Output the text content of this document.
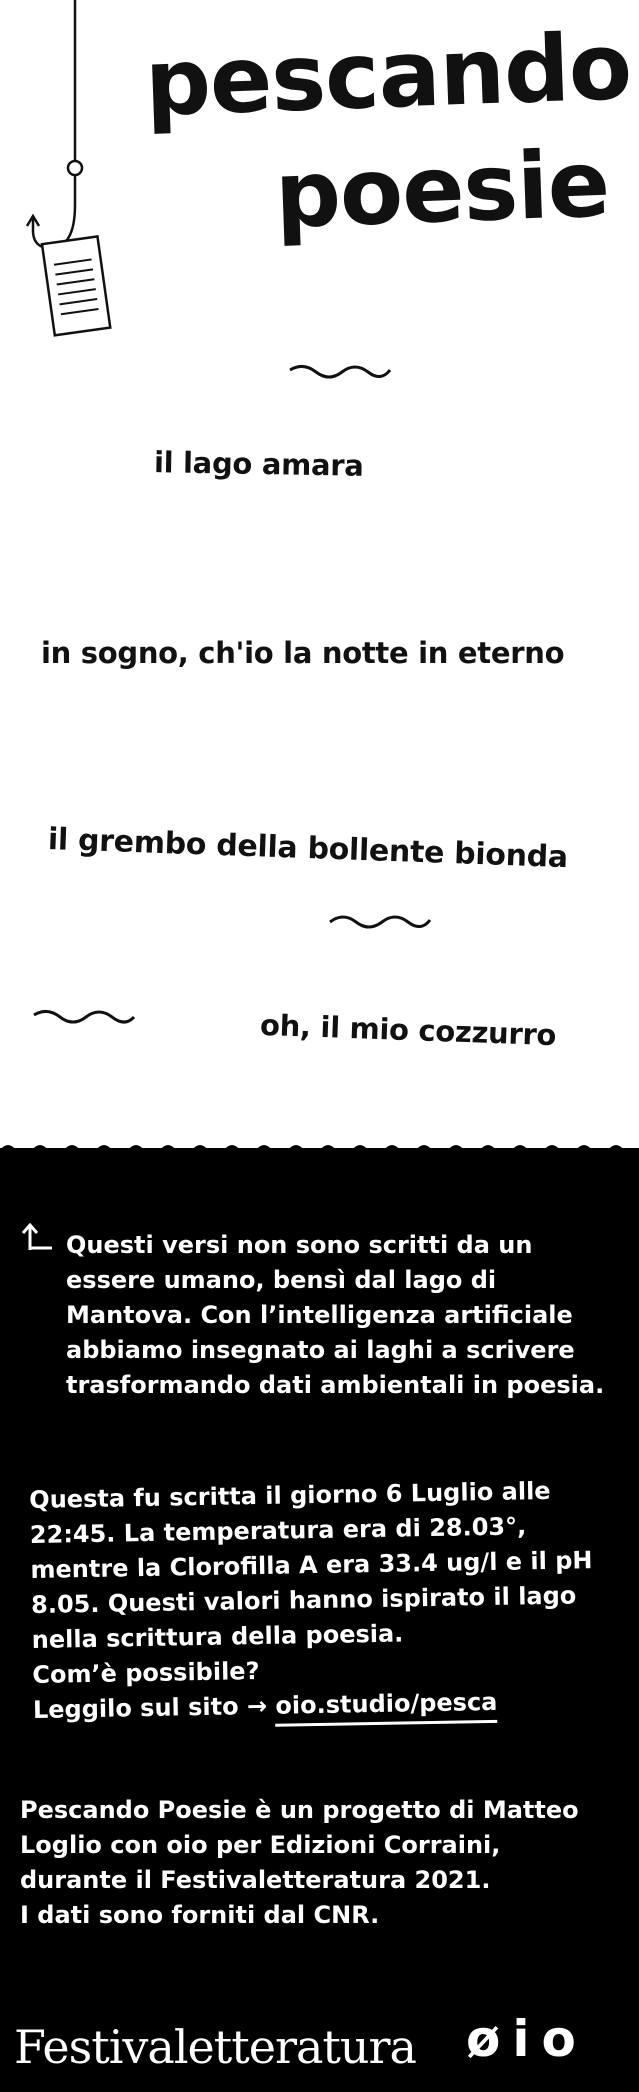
pescando
poesie
il lago amara
in sogno, ch'io la notte in eterno
il grembo della bollente bionda
oh, il mio cozzurro
Questi versi non sono scritti da un essere umano, bensì dal lago di Mantova. Con l’intelligenza artificiale abbiamo insegnato ai laghi a scrivere trasformando dati ambientali in poesia.
Questa fu scritta il giorno 6 Luglio alle 22:45. La temperatura era di 28.03°, mentre la Clorofilla A era 33.4 ug/l e il pH 8.05. Questi valori hanno ispirato il lago nella scrittura della poesia.
Com’è possibile?
Leggilo sul sito → oio.studio/pesca
Pescando Poesie è un progetto di Matteo Loglio con oio per Edizioni Corraini, durante il Festivaletteratura 2021.
I dati sono forniti dal CNR.
Festivaletteratura øio
